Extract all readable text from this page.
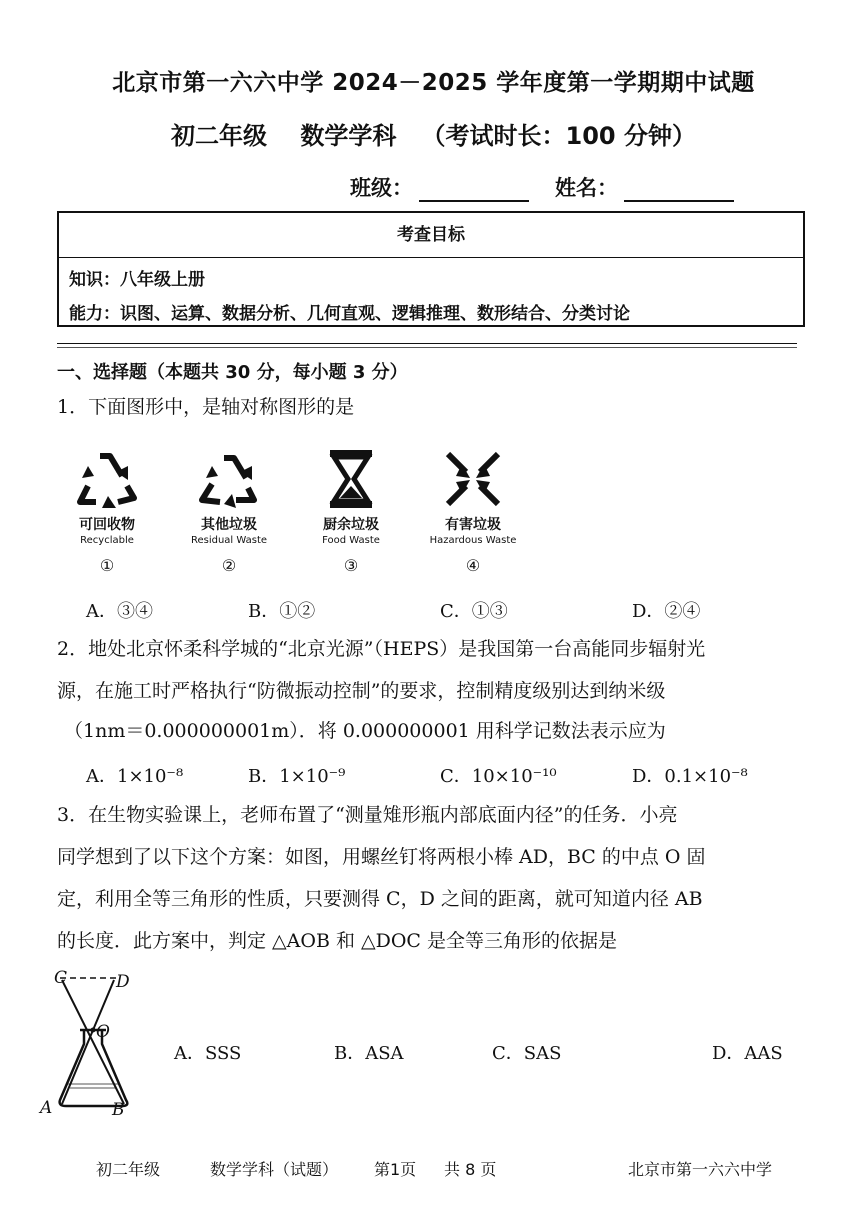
北京市第一六六中学 2024－2025 学年度第一学期期中试题
初二年级    数学学科   （考试时长：100 分钟）
班级：	姓名：
考查目标
知识：八年级上册
能力：识图、运算、数据分析、几何直观、逻辑推理、数形结合、分类讨论
一、选择题（本题共 30 分，每小题 3 分）
1．下面图形中，是轴对称图形的是
可回收物
Recyclable
①
其他垃圾
Residual Waste
②
厨余垃圾
Food Waste
③
有害垃圾
Hazardous Waste
④
A．③④	B．①②	C．①③	D．②④
2．地处北京怀柔科学城的“北京光源”（HEPS）是我国第一台高能同步辐射光
源，在施工时严格执行“防微振动控制”的要求，控制精度级别达到纳米级
（1nm＝0.000000001m）．将 0.000000001 用科学记数法表示应为
A．1×10⁻⁸	B．1×10⁻⁹	C．10×10⁻¹⁰	D．0.1×10⁻⁸
3．在生物实验课上，老师布置了“测量雉形瓶内部底面内径”的任务．小亮
同学想到了以下这个方案：如图，用螺丝钉将两根小棒 AD，BC 的中点 O 固
定，利用全等三角形的性质，只要测得 C，D 之间的距离，就可知道内径 AB
的长度．此方案中，判定 △AOB 和 △DOC 是全等三角形的依据是
C	D
O
A	B
A．SSS	B．ASA	C．SAS	D．AAS
初二年级	数学学科（试题） 第1页 共 8 页	北京市第一六六中学
